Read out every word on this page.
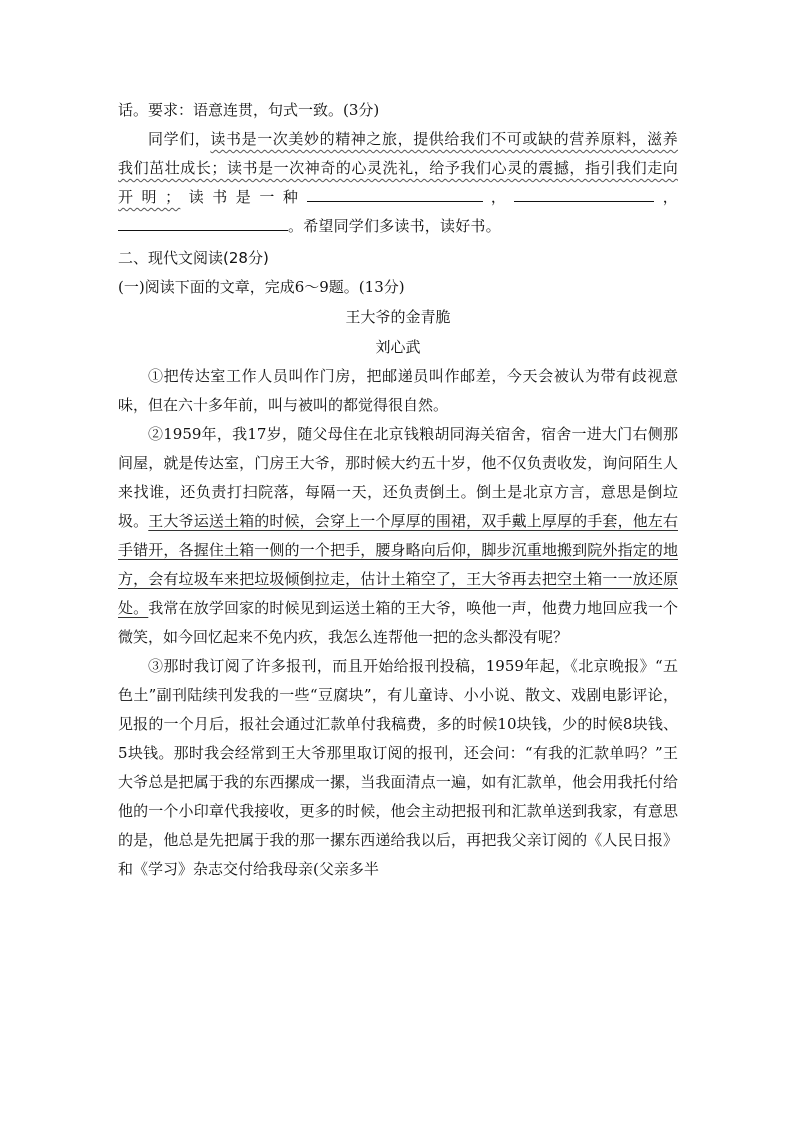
话。要求：语意连贯，句式一致。(3分)

同学们，读书是一次美妙的精神之旅，提供给我们不可或缺的营养原料，滋养我们茁壮成长；读书是一次神奇的心灵洗礼，给予我们心灵的震撼，指引我们走向开明；读书是一种	，	，。希望同学们多读书，读好书。

二、现代文阅读(28分)

(一)阅读下面的文章，完成6～9题。(13分)

王大爷的金青脆

刘心武

①把传达室工作人员叫作门房，把邮递员叫作邮差，今天会被认为带有歧视意味，但在六十多年前，叫与被叫的都觉得很自然。

②1959年，我17岁，随父母住在北京钱粮胡同海关宿舍，宿舍一进大门右侧那间屋，就是传达室，门房王大爷，那时候大约五十岁，他不仅负责收发，询问陌生人来找谁，还负责打扫院落，每隔一天，还负责倒土。倒土是北京方言，意思是倒垃圾。王大爷运送土箱的时候，会穿上一个厚厚的围裙，双手戴上厚厚的手套，他左右手错开，各握住土箱一侧的一个把手，腰身略向后仰，脚步沉重地搬到院外指定的地方，会有垃圾车来把垃圾倾倒拉走，估计土箱空了，王大爷再去把空土箱一一放还原处。我常在放学回家的时候见到运送土箱的王大爷，唤他一声，他费力地回应我一个微笑，如今回忆起来不免内疚，我怎么连帮他一把的念头都没有呢？

③那时我订阅了许多报刊，而且开始给报刊投稿，1959年起，《北京晚报》“五色土”副刊陆续刊发我的一些“豆腐块”，有儿童诗、小小说、散文、戏剧电影评论，见报的一个月后，报社会通过汇款单付我稿费，多的时候10块钱，少的时候8块钱、5块钱。那时我会经常到王大爷那里取订阅的报刊，还会问：“有我的汇款单吗？”王大爷总是把属于我的东西摞成一摞，当我面清点一遍，如有汇款单，他会用我托付给他的一个小印章代我接收，更多的时候，他会主动把报刊和汇款单送到我家，有意思的是，他总是先把属于我的那一摞东西递给我以后，再把我父亲订阅的《人民日报》和《学习》杂志交付给我母亲(父亲多半
